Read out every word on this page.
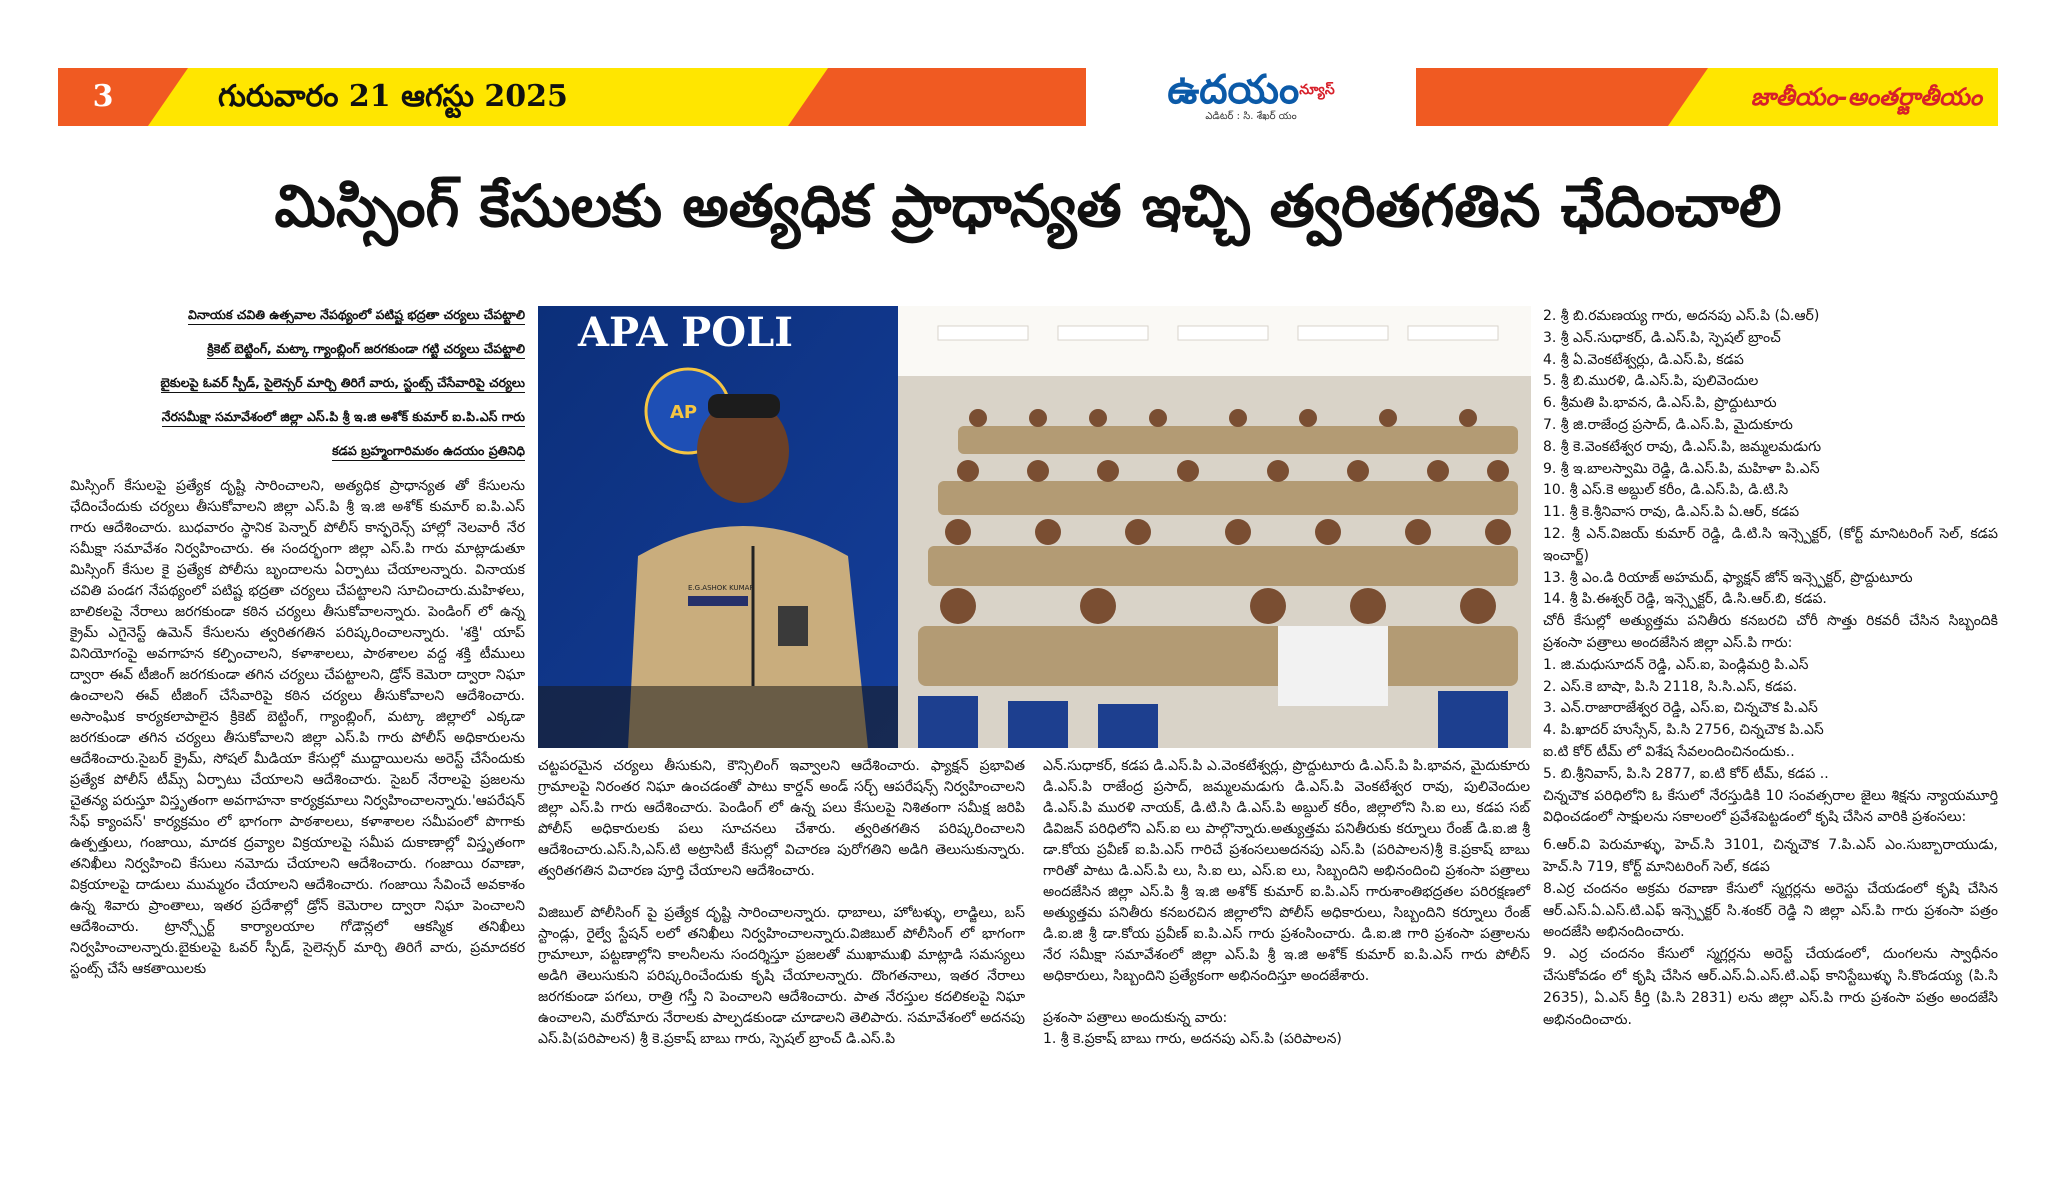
3	గురువారం 21 ఆగస్టు 2025	ఉదయం$^{న్యూస్}$
ఎడిటర్ : సి. శేఖర్ యం
జాతీయం-అంతర్జాతీయం
మిస్సింగ్ కేసులకు అత్యధిక ప్రాధాన్యత ఇచ్చి త్వరితగతిన ఛేదించాలి
వినాయక చవితి ఉత్సవాల నేపథ్యంలో పటిష్ట భద్రతా చర్యలు చేపట్టాలి
క్రికెట్ బెట్టింగ్, మట్కా గ్యాంబ్లింగ్ జరగకుండా గట్టి చర్యలు చేపట్టాలి
బైకులపై ఓవర్ స్పీడ్, సైలెన్సర్ మార్చి తిరిగే వారు, స్టంట్స్ చేసేవారిపై చర్యలు
నేరసమీక్షా సమావేశంలో జిల్లా ఎస్.పి శ్రీ ఇ.జి అశోక్ కుమార్ ఐ.పి.ఎస్ గారు
కడప బ్రహ్మంగారిమఠం ఉదయం ప్రతినిధి
APA POLI
AP
E.G.ASHOK KUMAR

మిస్సింగ్ కేసులపై ప్రత్యేక దృష్టి సారించాలని, అత్యధిక ప్రాధాన్యత తో కేసులను ఛేదించేందుకు చర్యలు తీసుకోవాలని జిల్లా ఎస్.పి శ్రీ ఇ.జి అశోక్ కుమార్ ఐ.పి.ఎస్ గారు ఆదేశించారు. బుధవారం స్థానిక పెన్నార్ పోలీస్ కాన్ఫరెన్స్ హాల్లో నెలవారీ నేర సమీక్షా సమావేశం నిర్వహించారు. ఈ సందర్భంగా జిల్లా ఎస్.పి గారు మాట్లాడుతూ మిస్సింగ్ కేసుల కై ప్రత్యేక పోలీసు బృందాలను ఏర్పాటు చేయాలన్నారు. వినాయక చవితి పండగ నేపథ్యంలో పటిష్ట భద్రతా చర్యలు చేపట్టాలని సూచించారు.మహిళలు, బాలికలపై నేరాలు జరగకుండా కఠిన చర్యలు తీసుకోవాలన్నారు. పెండింగ్ లో ఉన్న క్రైమ్ ఎగైనెస్ట్ ఉమెన్ కేసులను త్వరితగతిన పరిష్కరించాలన్నారు. 'శక్తి' యాప్ వినియోగంపై అవగాహన కల్పించాలని, కళాశాలలు, పాఠశాలల వద్ద శక్తి టీములు ద్వారా ఈవ్ టీజింగ్ జరగకుండా తగిన చర్యలు చేపట్టాలని, డ్రోన్ కెమెరా ద్వారా నిఘా ఉంచాలని ఈవ్ టీజింగ్ చేసేవారిపై కఠిన చర్యలు తీసుకోవాలని ఆదేశించారు. అసాంఘిక కార్యకలాపాలైన క్రికెట్ బెట్టింగ్, గ్యాంబ్లింగ్, మట్కా జిల్లాలో ఎక్కడా జరగకుండా తగిన చర్యలు తీసుకోవాలని జిల్లా ఎస్.పి గారు పోలీస్ అధికారులను ఆదేశించారు.సైబర్ క్రైమ్, సోషల్ మీడియా కేసుల్లో ముద్దాయిలను అరెస్ట్ చేసేందుకు ప్రత్యేక పోలీస్ టీమ్స్ ఏర్పాటు చేయాలని ఆదేశించారు. సైబర్ నేరాలపై ప్రజలను చైతన్య పరుస్తూ విస్తృతంగా అవగాహనా కార్యక్రమాలు నిర్వహించాలన్నారు.'ఆపరేషన్ సేఫ్ క్యాంపస్' కార్యక్రమం లో భాగంగా పాఠశాలలు, కళాశాలల సమీపంలో పొగాకు ఉత్పత్తులు, గంజాయి, మాదక ద్రవ్యాల విక్రయాలపై సమీప దుకాణాల్లో విస్తృతంగా తనిఖీలు నిర్వహించి కేసులు నమోదు చేయాలని ఆదేశించారు. గంజాయి రవాణా, విక్రయాలపై దాడులు ముమ్మరం చేయాలని ఆదేశించారు. గంజాయి సేవించే అవకాశం ఉన్న శివారు ప్రాంతాలు, ఇతర ప్రదేశాల్లో డ్రోన్ కెమెరాల ద్వారా నిఘా పెంచాలని ఆదేశించారు. ట్రాన్స్పోర్ట్ కార్యాలయాల గోడౌన్లలో ఆకస్మిక తనిఖీలు నిర్వహించాలన్నారు.బైకులపై ఓవర్ స్పీడ్, సైలెన్సర్ మార్చి తిరిగే వారు, ప్రమాదకర స్టంట్స్ చేసే ఆకతాయిలకు

చట్టపరమైన చర్యలు తీసుకుని, కౌన్సిలింగ్ ఇవ్వాలని ఆదేశించారు. ఫ్యాక్షన్ ప్రభావిత గ్రామాలపై నిరంతర నిఘా ఉంచడంతో పాటు కార్డన్ అండ్ సర్చ్ ఆపరేషన్స్ నిర్వహించాలని జిల్లా ఎస్.పి గారు ఆదేశించారు. పెండింగ్ లో ఉన్న పలు కేసులపై నిశితంగా సమీక్ష జరిపి పోలీస్ అధికారులకు పలు సూచనలు చేశారు. త్వరితగతిన పరిష్కరించాలని ఆదేశించారు.ఎస్.సి,ఎస్.టి అట్రాసిటీ కేసుల్లో విచారణ పురోగతిని అడిగి తెలుసుకున్నారు. త్వరితగతిన విచారణ పూర్తి చేయాలని ఆదేశించారు.

విజిబుల్ పోలీసింగ్ పై ప్రత్యేక దృష్టి సారించాలన్నారు. ధాబాలు, హోటళ్ళు, లాడ్జిలు, బస్ స్టాండ్లు, రైల్వే స్టేషన్ లలో తనిఖీలు నిర్వహించాలన్నారు.విజిబుల్ పోలీసింగ్ లో భాగంగా గ్రామాలూ, పట్టణాల్లోని కాలనీలను సందర్శిస్తూ ప్రజలతో ముఖాముఖి మాట్లాడి సమస్యలు అడిగి తెలుసుకుని పరిష్కరించేందుకు కృషి చేయాలన్నారు. దొంగతనాలు, ఇతర నేరాలు జరగకుండా పగలు, రాత్రి గస్తీ ని పెంచాలని ఆదేశించారు. పాత నేరస్తుల కదలికలపై నిఘా ఉంచాలని, మరోమారు నేరాలకు పాల్పడకుండా చూడాలని తెలిపారు. సమావేశంలో అదనపు ఎస్.పి(పరిపాలన) శ్రీ కె.ప్రకాష్ బాబు గారు, స్పెషల్ బ్రాంచ్ డి.ఎస్.పి

ఎన్.సుధాకర్, కడప డి.ఎస్.పి ఎ.వెంకటేశ్వర్లు, ప్రొద్దుటూరు డి.ఎస్.పి పి.భావన, మైదుకూరు డి.ఎస్.పి రాజేంద్ర ప్రసాద్, జమ్మలమడుగు డి.ఎస్.పి వెంకటేశ్వర రావు, పులివెందుల డి.ఎస్.పి మురళి నాయక్, డి.టి.సి డి.ఎస్.పి అబ్దుల్ కరీం, జిల్లాలోని సి.ఐ లు, కడప సబ్ డివిజన్ పరిధిలోని ఎస్.ఐ లు పాల్గొన్నారు.అత్యుత్తమ పనితీరుకు కర్నూలు రేంజ్ డి.ఐ.జి శ్రీ డా.కోయ ప్రవీణ్ ఐ.పి.ఎస్ గారిచే ప్రశంసలుఅదనపు ఎస్.పి (పరిపాలన)శ్రీ కె.ప్రకాష్ బాబు గారితో పాటు డి.ఎస్.పి లు, సి.ఐ లు, ఎస్.ఐ లు, సిబ్బందిని అభినందించి ప్రశంసా పత్రాలు అందజేసిన జిల్లా ఎస్.పి శ్రీ ఇ.జి అశోక్ కుమార్ ఐ.పి.ఎస్ గారుశాంతిభద్రతల పరిరక్షణలో అత్యుత్తమ పనితీరు కనబరచిన జిల్లాలోని పోలీస్ అధికారులు, సిబ్బందిని కర్నూలు రేంజ్ డి.ఐ.జి శ్రీ డా.కోయ ప్రవీణ్ ఐ.పి.ఎస్ గారు ప్రశంసించారు. డి.ఐ.జి గారి ప్రశంసా పత్రాలను నేర సమీక్షా సమావేశంలో జిల్లా ఎస్.పి శ్రీ ఇ.జి అశోక్ కుమార్ ఐ.పి.ఎస్ గారు పోలీస్ అధికారులు, సిబ్బందిని ప్రత్యేకంగా అభినందిస్తూ అందజేశారు.

ప్రశంసా పత్రాలు అందుకున్న వారు:

1. శ్రీ కె.ప్రకాష్ బాబు గారు, అదనపు ఎస్.పి (పరిపాలన)

2. శ్రీ బి.రమణయ్య గారు, అదనపు ఎస్.పి (ఏ.ఆర్)

3. శ్రీ ఎన్.సుధాకర్, డి.ఎస్.పి, స్పెషల్ బ్రాంచ్

4. శ్రీ ఏ.వెంకటేశ్వర్లు, డి.ఎస్.పి, కడప

5. శ్రీ బి.మురళి, డి.ఎస్.పి, పులివెందుల

6. శ్రీమతి పి.భావన, డి.ఎస్.పి, ప్రొద్దుటూరు

7. శ్రీ జి.రాజేంద్ర ప్రసాద్, డి.ఎస్.పి, మైదుకూరు

8. శ్రీ కె.వెంకటేశ్వర రావు, డి.ఎస్.పి, జమ్మలమడుగు

9. శ్రీ ఇ.బాలస్వామి రెడ్డి, డి.ఎస్.పి, మహిళా పి.ఎస్

10. శ్రీ ఎస్.కె అబ్దుల్ కరీం, డి.ఎస్.పి, డి.టి.సి

11. శ్రీ కె.శ్రీనివాస రావు, డి.ఎస్.పి ఏ.ఆర్, కడప

12. శ్రీ ఎన్.విజయ్ కుమార్ రెడ్డి, డి.టి.సి ఇన్స్పెక్టర్, (కోర్ట్ మానిటరింగ్ సెల్, కడప ఇంచార్జ్)

13. శ్రీ ఎం.డి రియాజ్ అహమద్, ఫ్యాక్షన్ జోన్ ఇన్స్పెక్టర్, ప్రొద్దుటూరు

14. శ్రీ పి.ఈశ్వర్ రెడ్డి, ఇన్స్పెక్టర్, డి.సి.ఆర్.బి, కడప.

చోరీ కేసుల్లో అత్యుత్తమ పనితీరు కనబరచి చోరీ సొత్తు రికవరీ చేసిన సిబ్బందికి ప్రశంసా పత్రాలు అందజేసిన జిల్లా ఎస్.పి గారు:

1. జి.మధుసూదన్ రెడ్డి, ఎస్.ఐ, పెండ్లిమర్రి పి.ఎస్

2. ఎస్.కె బాషా, పి.సి 2118, సి.సి.ఎస్, కడప.

3. ఎన్.రాజారాజేశ్వర రెడ్డి, ఎస్.ఐ, చిన్నచౌక పి.ఎస్

4. పి.ఖాదర్ హుస్సేన్, పి.సి 2756, చిన్నచౌక పి.ఎస్

ఐ.టి కోర్ టీమ్ లో విశేష సేవలందించినందుకు..

5. బి.శ్రీనివాస్, పి.సి 2877, ఐ.టి కోర్ టీమ్, కడప ..

చిన్నచౌక పరిధిలోని ఓ కేసులో నేరస్తుడికి 10 సంవత్సరాల జైలు శిక్షను న్యాయమూర్తి విధించడంలో సాక్షులను సకాలంలో ప్రవేశపెట్టడంలో కృషి చేసిన వారికి ప్రశంసలు:

6.ఆర్.వి పెరుమాళ్ళు, హెచ్.సి 3101, చిన్నచౌక 7.పి.ఎస్ ఎం.సుబ్బారాయుడు, హెచ్.సి 719, కోర్ట్ మానిటరింగ్ సెల్, కడప

8.ఎర్ర చందనం అక్రమ రవాణా కేసులో స్మగ్లర్లను అరెస్టు చేయడంలో కృషి చేసిన ఆర్.ఎస్.ఏ.ఎస్.టి.ఎఫ్ ఇన్స్పెక్టర్ సి.శంకర్ రెడ్డి ని జిల్లా ఎస్.పి గారు ప్రశంసా పత్రం అందజేసి అభినందించారు.

9. ఎర్ర చందనం కేసులో స్మగ్లర్లను అరెస్ట్ చేయడంలో, దుంగలను స్వాధీనం చేసుకోవడం లో కృషి చేసిన ఆర్.ఎస్.ఏ.ఎస్.టి.ఎఫ్ కానిస్టేబుళ్ళు సి.కొండయ్య (పి.సి 2635), ఏ.ఎస్ కీర్తి (పి.సి 2831) లను జిల్లా ఎస్.పి గారు ప్రశంసా పత్రం అందజేసి అభినందించారు.
